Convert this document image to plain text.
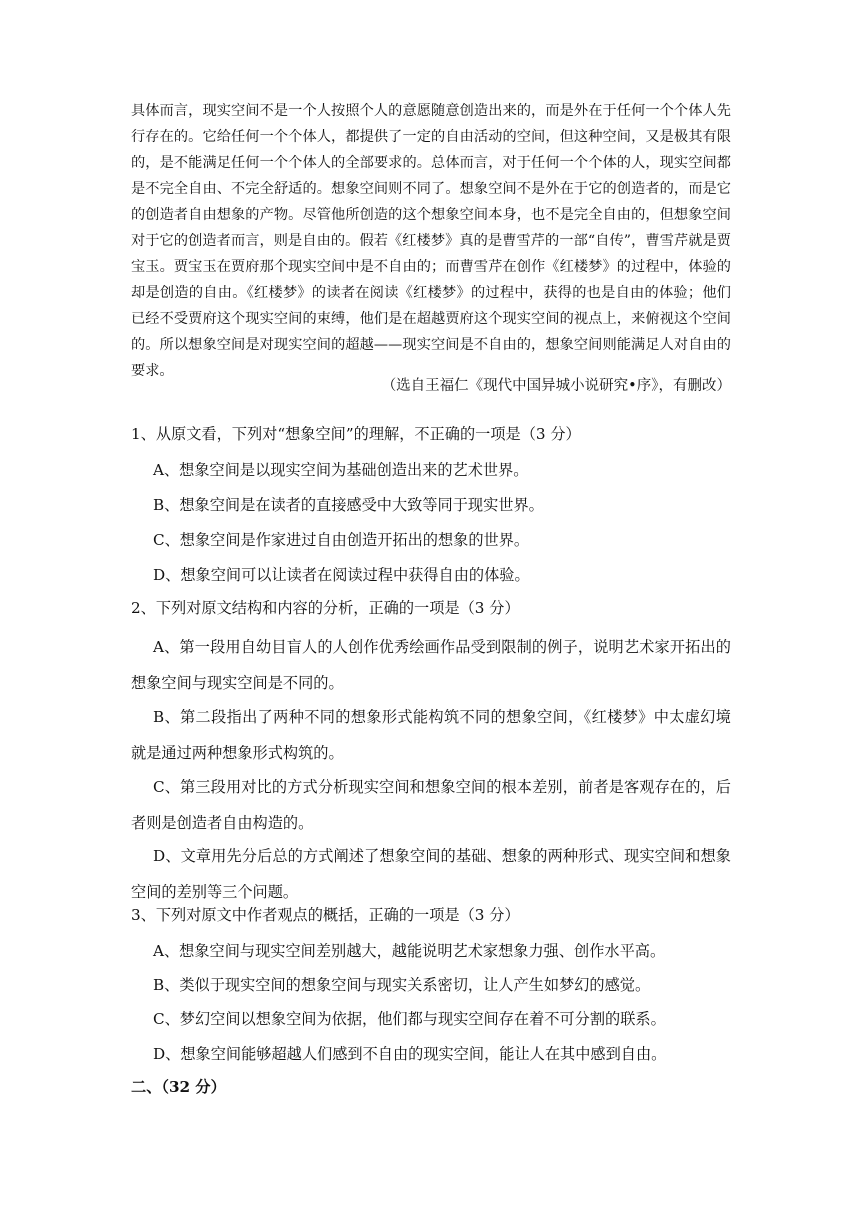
具体而言，现实空间不是一个人按照个人的意愿随意创造出来的，而是外在于任何一个个体人先行存在的。它给任何一个个体人，都提供了一定的自由活动的空间，但这种空间，又是极其有限的，是不能满足任何一个个体人的全部要求的。总体而言，对于任何一个个体的人，现实空间都是不完全自由、不完全舒适的。想象空间则不同了。想象空间不是外在于它的创造者的，而是它的创造者自由想象的产物。尽管他所创造的这个想象空间本身，也不是完全自由的，但想象空间对于它的创造者而言，则是自由的。假若《红楼梦》真的是曹雪芹的一部“自传”，曹雪芹就是贾宝玉。贾宝玉在贾府那个现实空间中是不自由的；而曹雪芹在创作《红楼梦》的过程中，体验的却是创造的自由。《红楼梦》的读者在阅读《红楼梦》的过程中，获得的也是自由的体验；他们已经不受贾府这个现实空间的束缚，他们是在超越贾府这个现实空间的视点上，来俯视这个空间的。所以想象空间是对现实空间的超越——现实空间是不自由的，想象空间则能满足人对自由的要求。

（选自王福仁《现代中国异城小说研究•序》，有删改）
1、从原文看，下列对“想象空间”的理解，不正确的一项是（3 分）
A、想象空间是以现实空间为基础创造出来的艺术世界。
B、想象空间是在读者的直接感受中大致等同于现实世界。
C、想象空间是作家进过自由创造开拓出的想象的世界。
D、想象空间可以让读者在阅读过程中获得自由的体验。
2、下列对原文结构和内容的分析，正确的一项是（3 分）
A、第一段用自幼目盲人的人创作优秀绘画作品受到限制的例子，说明艺术家开拓出的想象空间与现实空间是不同的。
B、第二段指出了两种不同的想象形式能构筑不同的想象空间，《红楼梦》中太虚幻境就是通过两种想象形式构筑的。
C、第三段用对比的方式分析现实空间和想象空间的根本差别，前者是客观存在的，后者则是创造者自由构造的。
D、文章用先分后总的方式阐述了想象空间的基础、想象的两种形式、现实空间和想象空间的差别等三个问题。
3、下列对原文中作者观点的概括，正确的一项是（3 分）
A、想象空间与现实空间差别越大，越能说明艺术家想象力强、创作水平高。
B、类似于现实空间的想象空间与现实关系密切，让人产生如梦幻的感觉。
C、梦幻空间以想象空间为依据，他们都与现实空间存在着不可分割的联系。
D、想象空间能够超越人们感到不自由的现实空间，能让人在其中感到自由。
二、（32 分）
